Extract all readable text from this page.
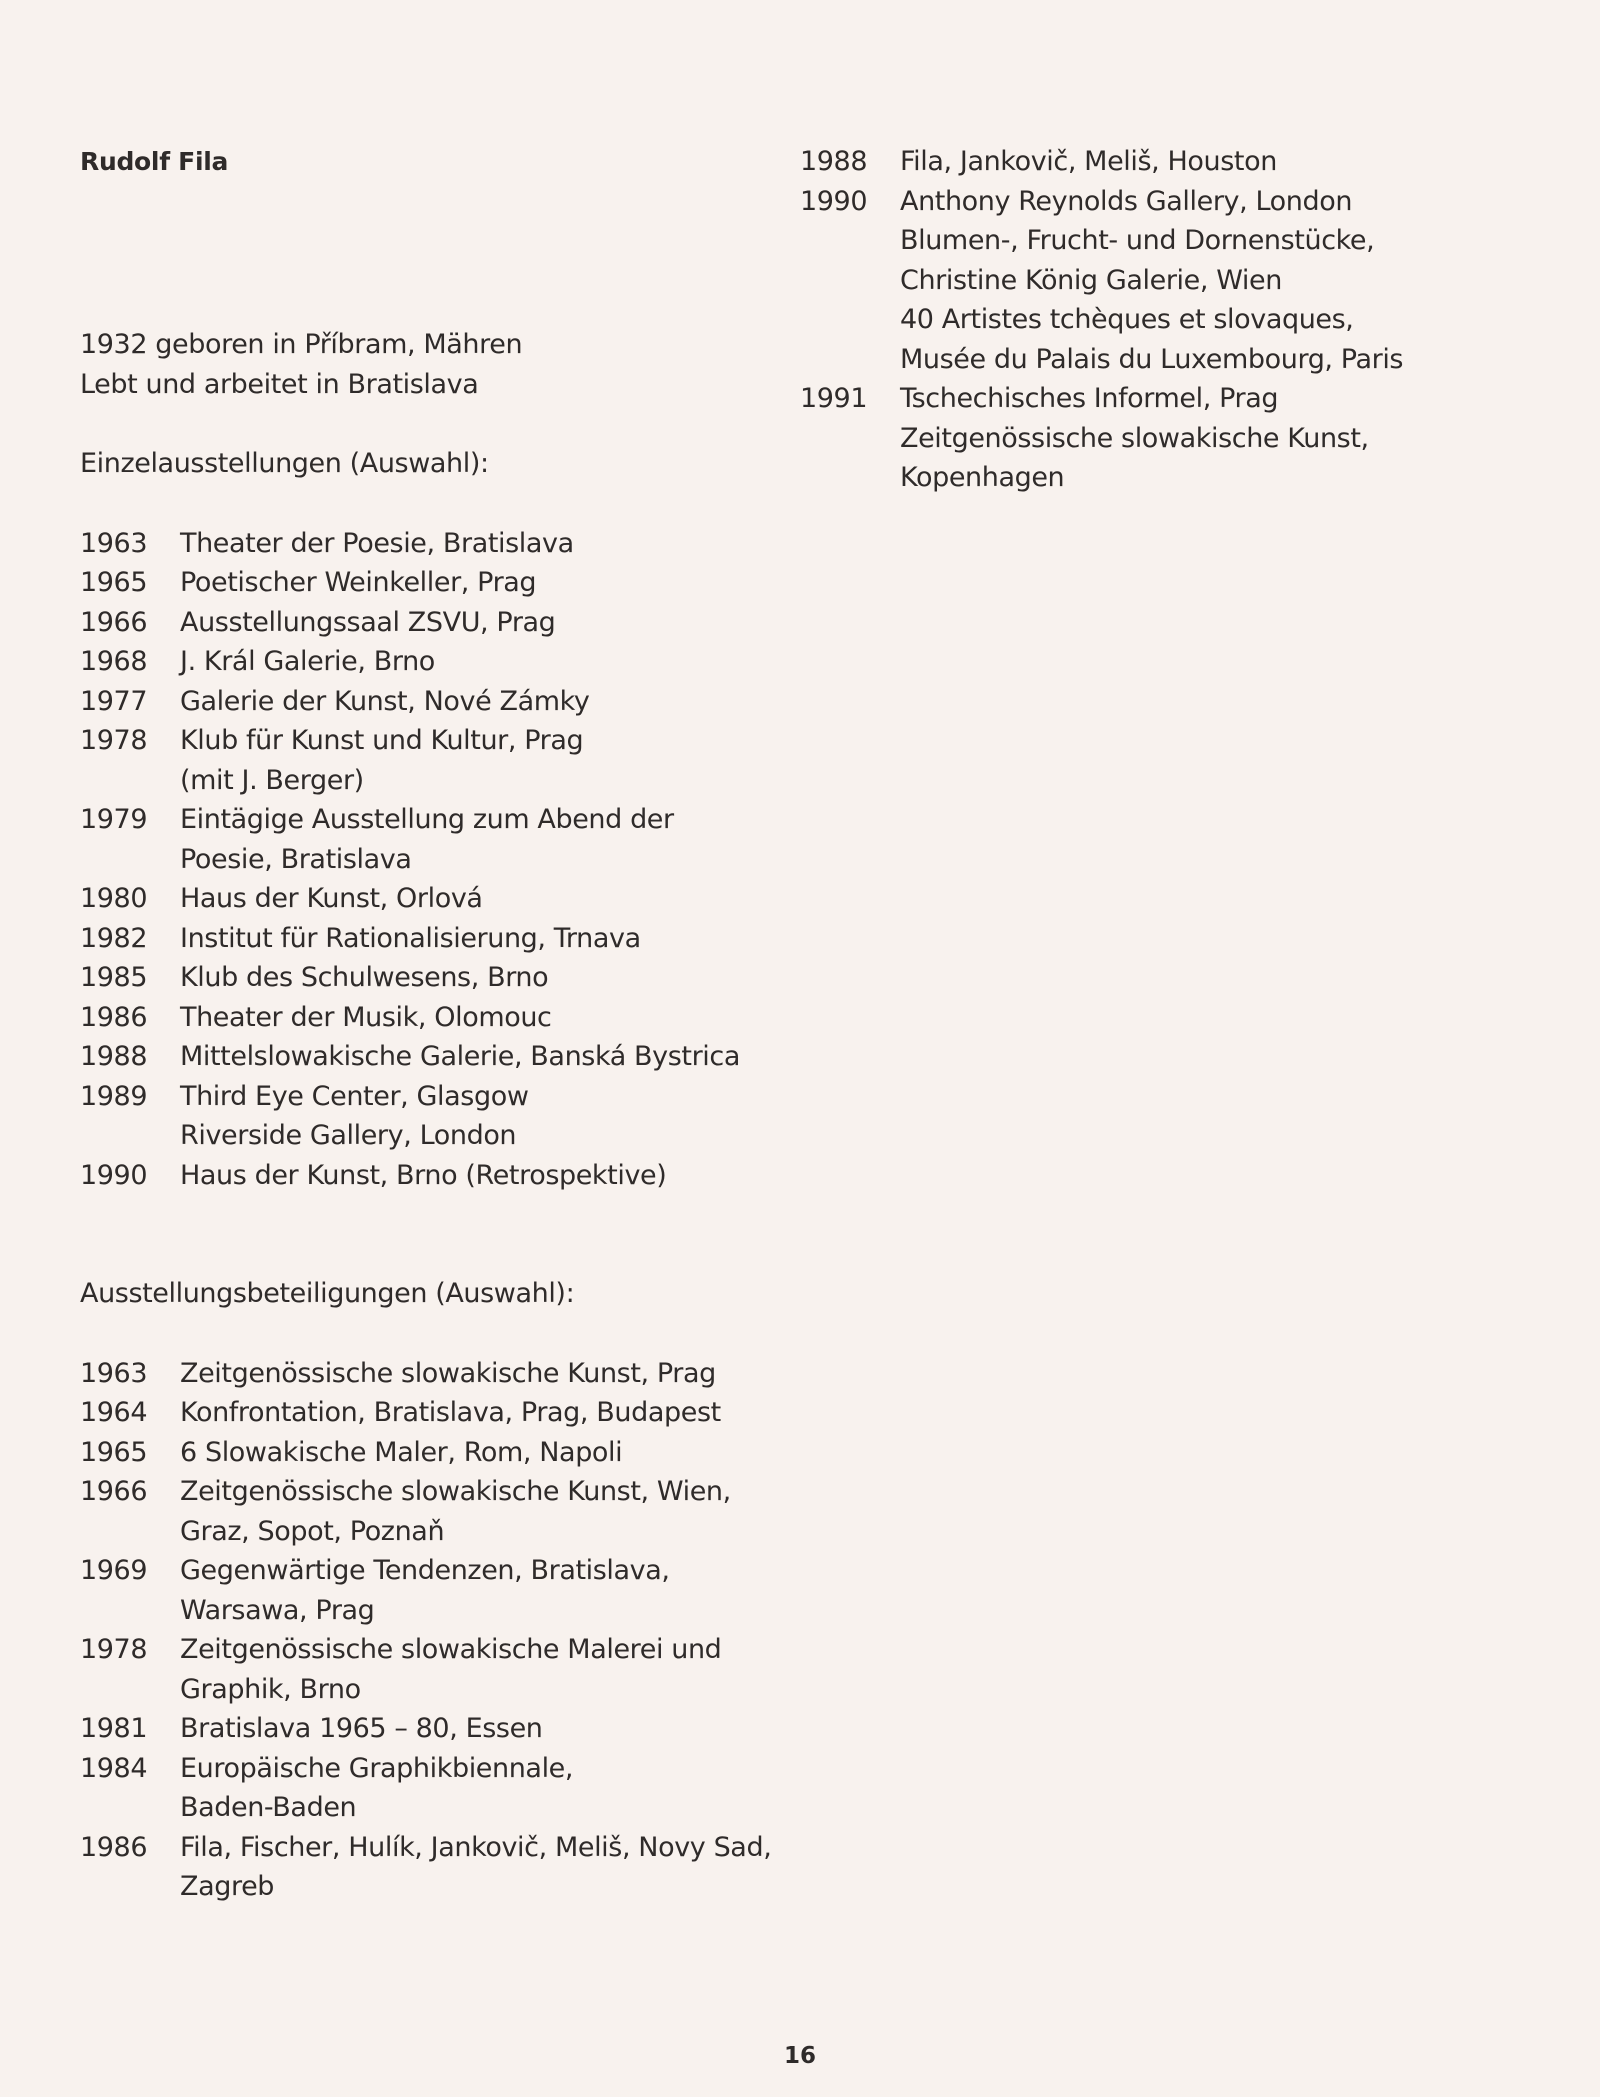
Rudolf Fila
1932 geboren in Příbram, Mähren
Lebt und arbeitet in Bratislava
Einzelausstellungen (Auswahl):
1963	Theater der Poesie, Bratislava
1965	Poetischer Weinkeller, Prag
1966	Ausstellungssaal ZSVU, Prag
1968	J. Král Galerie, Brno
1977	Galerie der Kunst, Nové Zámky
1978	Klub für Kunst und Kultur, Prag
(mit J. Berger)
1979	Eintägige Ausstellung zum Abend der
Poesie, Bratislava
1980	Haus der Kunst, Orlová
1982	Institut für Rationalisierung, Trnava
1985	Klub des Schulwesens, Brno
1986	Theater der Musik, Olomouc
1988	Mittelslowakische Galerie, Banská Bystrica
1989	Third Eye Center, Glasgow
Riverside Gallery, London
1990	Haus der Kunst, Brno (Retrospektive)
Ausstellungsbeteiligungen (Auswahl):
1963	Zeitgenössische slowakische Kunst, Prag
1964	Konfrontation, Bratislava, Prag, Budapest
1965	6 Slowakische Maler, Rom, Napoli
1966	Zeitgenössische slowakische Kunst, Wien,
Graz, Sopot, Poznaň
1969	Gegenwärtige Tendenzen, Bratislava,
Warsawa, Prag
1978	Zeitgenössische slowakische Malerei und
Graphik, Brno
1981	Bratislava 1965 – 80, Essen
1984	Europäische Graphikbiennale,
Baden-Baden
1986	Fila, Fischer, Hulík, Jankovič, Meliš, Novy Sad,
Zagreb
1988	Fila, Jankovič, Meliš, Houston
1990	Anthony Reynolds Gallery, London
Blumen-, Frucht- und Dornenstücke,
Christine König Galerie, Wien
40 Artistes tchèques et slovaques,
Musée du Palais du Luxembourg, Paris
1991	Tschechisches Informel, Prag
Zeitgenössische slowakische Kunst,
Kopenhagen
16
